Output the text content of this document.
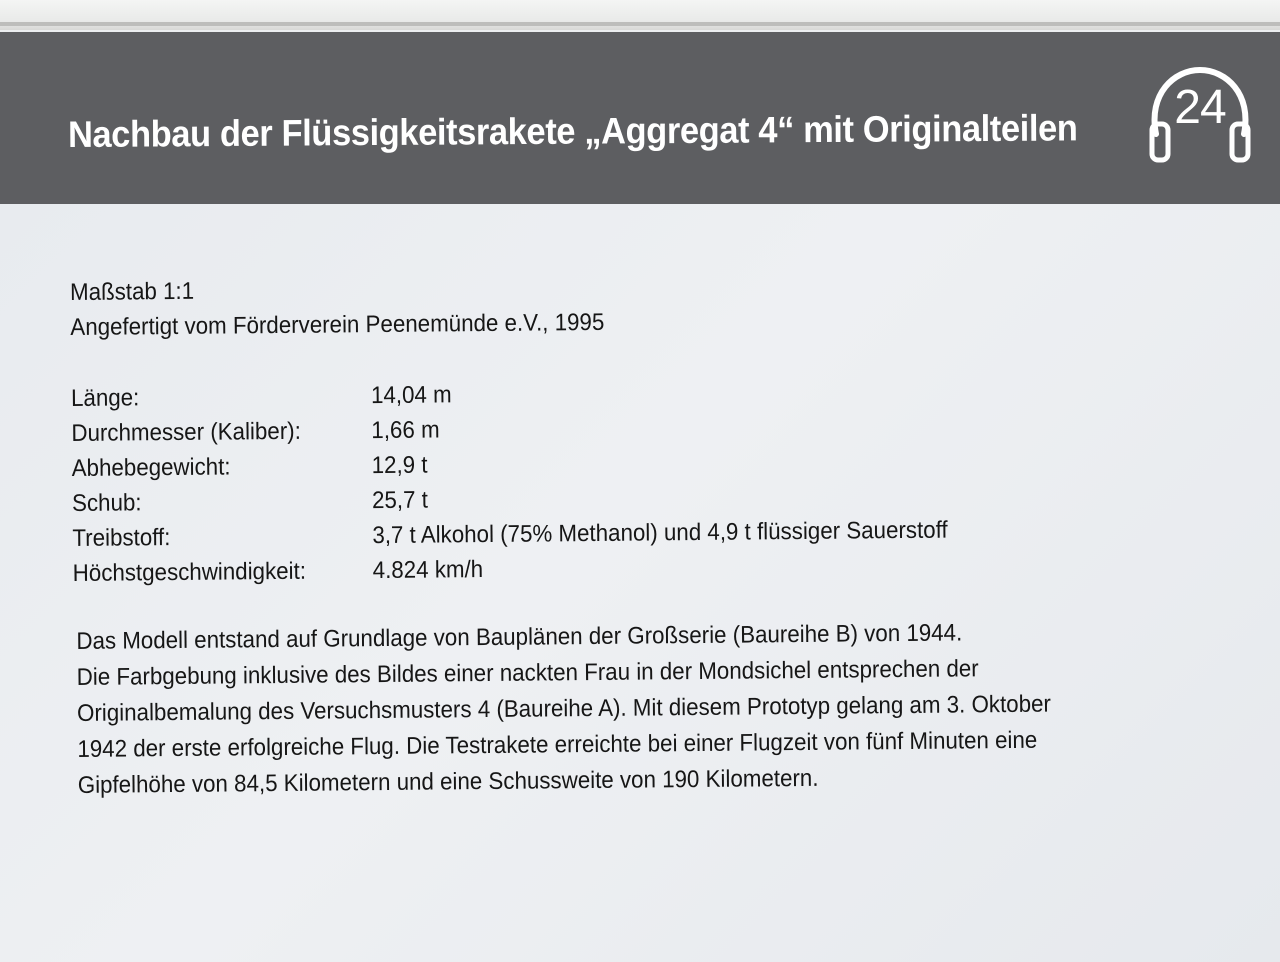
Nachbau der Flüssigkeitsrakete „Aggregat 4“ mit Originalteilen 24
Maßstab 1:1
Angefertigt vom Förderverein Peenemünde e.V., 1995
Länge:	14,04 m
Durchmesser (Kaliber):	1,66 m
Abhebegewicht:	12,9 t
Schub:	25,7 t
Treibstoff:	3,7 t Alkohol (75% Methanol) und 4,9 t flüssiger Sauerstoff
Höchstgeschwindigkeit:	4.824 km/h
Das Modell entstand auf Grundlage von Bauplänen der Großserie (Baureihe B) von 1944.
Die Farbgebung inklusive des Bildes einer nackten Frau in der Mondsichel entsprechen der
Originalbemalung des Versuchsmusters 4 (Baureihe A). Mit diesem Prototyp gelang am 3. Oktober
1942 der erste erfolgreiche Flug. Die Testrakete erreichte bei einer Flugzeit von fünf Minuten eine
Gipfelhöhe von 84,5 Kilometern und eine Schussweite von 190 Kilometern.
